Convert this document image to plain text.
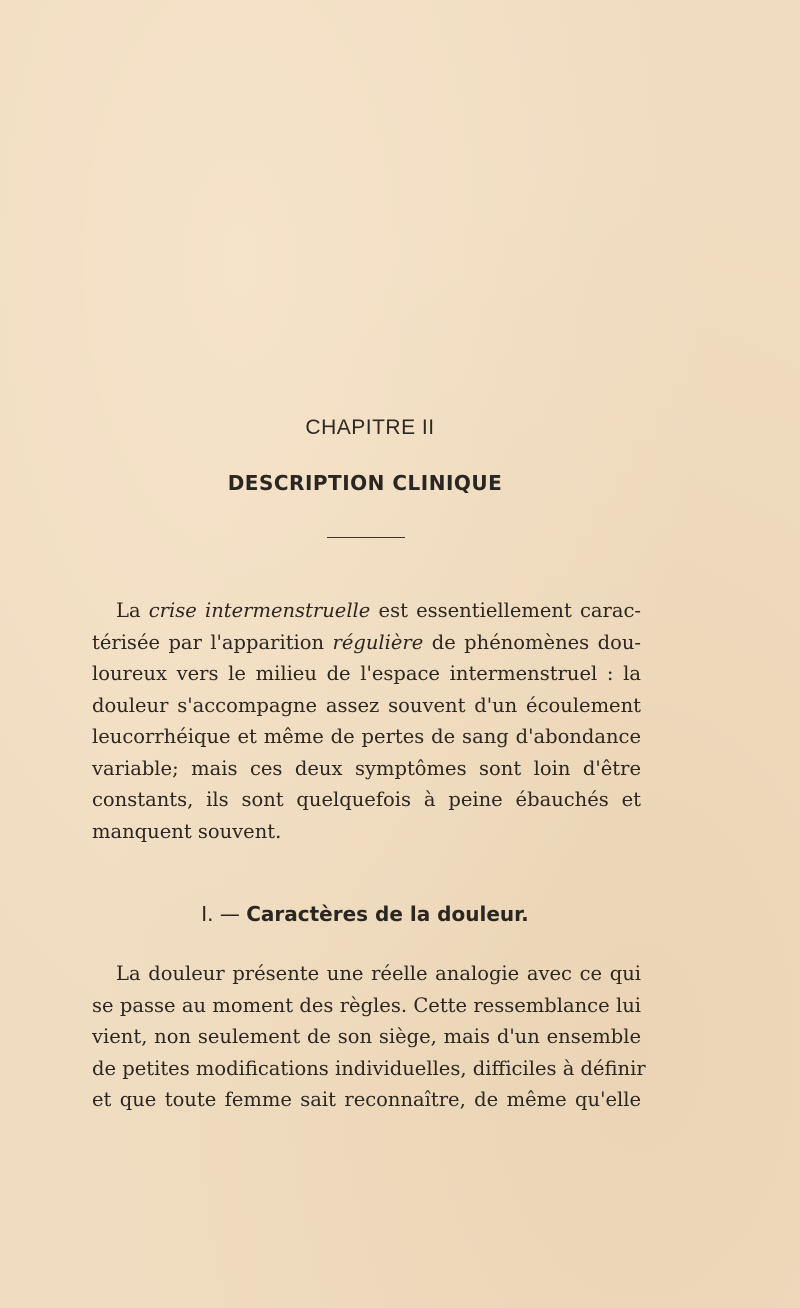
CHAPITRE II
DESCRIPTION CLINIQUE
La crise intermenstruelle est essentiellement carac-
térisée par l'apparition régulière de phénomènes dou-
loureux vers le milieu de l'espace intermenstruel : la
douleur s'accompagne assez souvent d'un écoulement
leucorrhéique et même de pertes de sang d'abondance
variable; mais ces deux symptômes sont loin d'être
constants, ils sont quelquefois à peine ébauchés et
manquent souvent.
I. — Caractères de la douleur.
La douleur présente une réelle analogie avec ce qui
se passe au moment des règles. Cette ressemblance lui
vient, non seulement de son siège, mais d'un ensemble
de petites modifications individuelles, difficiles à définir
et que toute femme sait reconnaître, de même qu'elle
